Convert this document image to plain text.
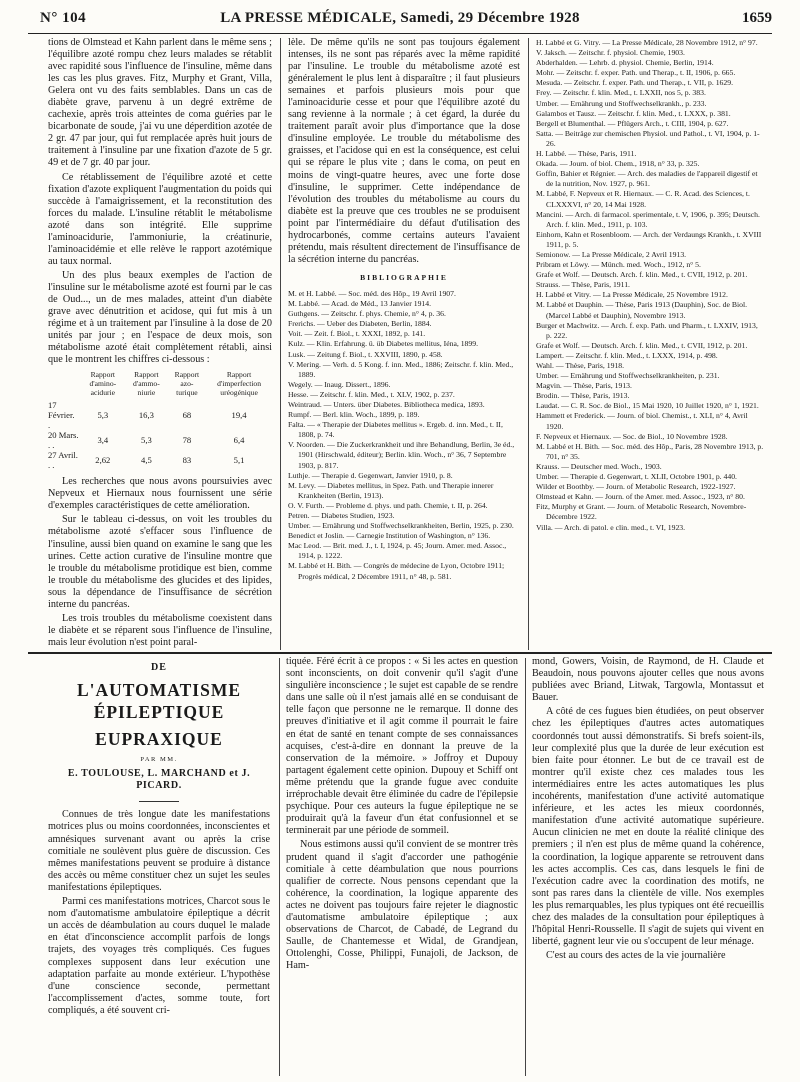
N° 104	LA PRESSE MÉDICALE, Samedi, 29 Décembre 1928	1659

tions de Olmstead et Kahn parlent dans le même sens ; l'équilibre azoté rompu chez leurs malades se rétablit avec rapidité sous l'influence de l'insuline, même dans les cas les plus graves. Fitz, Murphy et Grant, Villa, Gelera ont vu des faits semblables. Dans un cas de diabète grave, parvenu à un degré extrême de cachexie, après trois atteintes de coma guéries par le bicarbonate de soude, j'ai vu une déperdition azotée de 2 gr. 47 par jour, qui fut remplacée après huit jours de traitement à l'insuline par une fixation d'azote de 5 gr. 49 et de 7 gr. 40 par jour.

Ce rétablissement de l'équilibre azoté et cette fixation d'azote expliquent l'augmentation du poids qui succède à l'amaigrissement, et la reconstitution des forces du malade. L'insuline rétablit le métabolisme azoté dans son intégrité. Elle supprime l'aminoacidurie, l'ammoniurie, la créatinurie, l'aminoacidémie et elle relève le rapport azotémique au taux normal.

Un des plus beaux exemples de l'action de l'insuline sur le métabolisme azoté est fourni par le cas de Oud..., un de mes malades, atteint d'un diabète grave avec dénutrition et acidose, qui fut mis à un régime et à un traitement par l'insuline à la dose de 20 unités par jour ; en l'espace de deux mois, son métabolisme azoté était complètement rétabli, ainsi que le montrent les chiffres ci-dessous :

	Rapport d'amino-acidurie	Rapport d'ammo-niurie	Rapport azo-turique	Rapport d'imperfection uréogénique
17 Février. .	5,3	16,3	68	19,4
20 Mars. . .	3,4	5,3	78	6,4
27 Avril. . .	2,62	4,5	83	5,1

Les recherches que nous avons poursuivies avec Nepveux et Hiernaux nous fournissent une série d'exemples caractéristiques de cette amélioration.

Sur le tableau ci-dessus, on voit les troubles du métabolisme azoté s'effacer sous l'influence de l'insuline, aussi bien quand on examine le sang que les urines. Cette action curative de l'insuline montre que le trouble du métabolisme protidique est bien, comme le trouble du métabolisme des glucides et des lipides, sous la dépendance de l'insuffisance de sécrétion interne du pancréas.

Les trois troubles du métabolisme coexistent dans le diabète et se réparent sous l'influence de l'insuline, mais leur évolution n'est point paral-

lèle. De même qu'ils ne sont pas toujours également intenses, ils ne sont pas réparés avec la même rapidité par l'insuline. Le trouble du métabolisme azoté est généralement le plus lent à disparaître ; il faut plusieurs semaines et parfois plusieurs mois pour que l'aminoacidurie cesse et pour que l'équilibre azoté du sang revienne à la normale ; à cet égard, la durée du traitement paraît avoir plus d'importance que la dose d'insuline employée. Le trouble du métabolisme des graisses, et l'acidose qui en est la conséquence, est celui qui se répare le plus vite ; dans le coma, on peut en moins de vingt-quatre heures, avec une forte dose d'insuline, le supprimer. Cette indépendance de l'évolution des troubles du métabolisme au cours du diabète est la preuve que ces troubles ne se produisent point par l'intermédiaire du défaut d'utilisation des hydrocarbonés, comme certains auteurs l'avaient prétendu, mais résultent directement de l'insuffisance de la sécrétion interne du pancréas.

BIBLIOGRAPHIE

M. et H. Labbé. — Soc. méd. des Hôp., 19 Avril 1907.

M. Labbé. — Acad. de Méd., 13 Janvier 1914.

Guthgens. — Zeitschr. f. phys. Chemie, n° 4, p. 36.

Frerichs. — Ueber des Diabeten, Berlin, 1884.

Voit. — Zeit. f. Biol., t. XXXI, 1892, p. 141.

Kulz. — Klin. Erfahrung. ü. üb Diabetes mellitus, Iéna, 1899.

Lusk. — Zeitung f. Biol., t. XXVIII, 1890, p. 458.

V. Mering. — Verh. d. 5 Kong. f. inn. Med., 1886; Zeitschr. f. klin. Med., 1889.

Wegely. — Inaug. Dissert., 1896.

Hesse. — Zeitschr. f. klin. Med., t. XLV, 1902, p. 237.

Weintraud. — Unters. über Diabetes. Bibliotheca medica, 1893.

Rumpf. — Berl. klin. Woch., 1899, p. 189.

Falta. — « Therapie der Diabetes mellitus ». Ergeb. d. inn. Med., t. II, 1808, p. 74.

V. Noorden. — Die Zuckerkrankheit und ihre Behandlung, Berlin, 3e éd., 1901 (Hirschwald, éditeur); Berlin. klin. Woch., n° 36, 7 Septembre 1903, p. 817.

Luthje. — Therapie d. Gegenwart, Janvier 1910, p. 8.

M. Levy. — Diabetes mellitus, in Spez. Path. und Therapie innerer Krankheiten (Berlin, 1913).

O. V. Furth. — Probleme d. phys. und path. Chemie, t. II, p. 264.

Petren. — Diabetes Studien, 1923.

Umber. — Ernährung und Stoffwechselkrankheiten, Berlin, 1925, p. 230.

Benedict et Joslin. — Carnegie Institution of Washington, n° 136.

Mac Leod. — Brit. med. J., t. I, 1924, p. 45; Journ. Amer. med. Assoc., 1914, p. 1222.

M. Labbé et H. Bith. — Congrès de médecine de Lyon, Octobre 1911; Progrès médical, 2 Décembre 1911, n° 48, p. 581.

H. Labbé et G. Vitry. — La Presse Médicale, 28 Novembre 1912, n° 97.

V. Jaksch. — Zeitschr. f. physiol. Chemie, 1903.

Abderhalden. — Lehrb. d. physiol. Chemie, Berlin, 1914.

Mohr. — Zeitschr. f. exper. Path. und Therap., t. II, 1906, p. 665.

Mesuda. — Zeitschr. f. exper. Path. und Therap., t. VII, p. 1629.

Frey. — Zeitschr. f. klin. Med., t. LXXII, nos 5, p. 383.

Umber. — Ernährung und Stoffwechselkrankh., p. 233.

Galambos et Tausz. — Zeitschr. f. klin. Med., t. LXXX, p. 381.

Bergell et Blumenthal. — Pflügers Arch., t. CIII, 1904, p. 627.

Satta. — Beiträge zur chemischen Physiol. und Pathol., t. VI, 1904, p. 1-26.

H. Labbé. — Thèse, Paris, 1911.

Okada. — Journ. of biol. Chem., 1918, n° 33, p. 325.

Goffin, Bahier et Régnier. — Arch. des maladies de l'appareil digestif et de la nutrition, Nov. 1927, p. 961.

M. Labbé, F. Nepveux et R. Hiernaux. — C. R. Acad. des Sciences, t. CLXXXVI, n° 20, 14 Mai 1928.

Mancini. — Arch. di farmacol. sperimentale, t. V, 1906, p. 395; Deutsch. Arch. f. klin. Med., 1911, p. 103.

Einhorn, Kahn et Rosenbloom. — Arch. der Verdaungs Krankh., t. XVIII 1911, p. 5.

Semionow. — La Presse Médicale, 2 Avril 1913.

Pribram et Löwy. — Münch. med. Woch., 1912, n° 5.

Grafe et Wolf. — Deutsch. Arch. f. klin. Med., t. CVII, 1912, p. 201.

Strauss. — Thèse, Paris, 1911.

H. Labbé et Vitry. — La Presse Médicale, 25 Novembre 1912.

M. Labbé et Dauphin. — Thèse, Paris 1913 (Dauphin), Soc. de Biol. (Marcel Labbé et Dauphin), Novembre 1913.

Burger et Machwitz. — Arch. f. exp. Path. und Pharm., t. LXXIV, 1913, p. 222.

Grafe et Wolf. — Deutsch. Arch. f. klin. Med., t. CVII, 1912, p. 201.

Lampert. — Zeitschr. f. klin. Med., t. LXXX, 1914, p. 498.

Wahl. — Thèse, Paris, 1918.

Umber. — Ernährung und Stoffwechselkrankheiten, p. 231.

Magvin. — Thèse, Paris, 1913.

Brodin. — Thèse, Paris, 1913.

Laudat. — C. R. Soc. de Biol., 15 Mai 1920, 10 Juillet 1920, n° 1, 1921.

Hammett et Frederick. — Journ. of biol. Chemist., t. XLI, n° 4, Avril 1920.

F. Nepveux et Hiernaux. — Soc. de Biol., 10 Novembre 1928.

M. Labbé et H. Bith. — Soc. méd. des Hôp., Paris, 28 Novembre 1913, p. 701, n° 35.

Krauss. — Deutscher med. Woch., 1903.

Umber. — Therapie d. Gegenwart, t. XLII, Octobre 1901, p. 440.

Wilder et Boothby. — Journ. of Metabolic Research, 1922-1927.

Olmstead et Kahn. — Journ. of the Amer. med. Assoc., 1923, n° 80.

Fitz, Murphy et Grant. — Journ. of Metabolic Research, Novembre-Décembre 1922.

Villa. — Arch. di patol. e clin. med., t. VI, 1923.

DE
L'AUTOMATISME ÉPILEPTIQUE
EUPRAXIQUE
PAR MM.
E. TOULOUSE, L. MARCHAND et J. PICARD.

Connues de très longue date les manifestations motrices plus ou moins coordonnées, inconscientes et amnésiques survenant avant ou après la crise comitiale ne soulèvent plus guère de discussion. Ces mêmes manifestations peuvent se produire à distance des accès ou même constituer chez un sujet les seules manifestations épileptiques.

Parmi ces manifestations motrices, Charcot sous le nom d'automatisme ambulatoire épileptique a décrit un accès de déambulation au cours duquel le malade en état d'inconscience accomplit parfois de longs trajets, des voyages très compliqués. Ces fugues complexes supposent dans leur exécution une adaptation parfaite au monde extérieur. L'hypothèse d'une conscience seconde, permettant l'accomplissement d'actes, somme toute, fort compliqués, a été souvent cri-

tiquée. Féré écrit à ce propos : « Si les actes en question sont inconscients, on doit convenir qu'il s'agit d'une singulière inconscience ; le sujet est capable de se rendre dans une salle où il n'est jamais allé en se conduisant de telle façon que personne ne le remarque. Il donne des preuves d'initiative et il agit comme il pourrait le faire en état de santé en tenant compte de ses connaissances acquises, c'est-à-dire en donnant la preuve de la conservation de la mémoire. » Joffroy et Dupouy partagent également cette opinion. Dupouy et Schiff ont même prétendu que la grande fugue avec conduite irréprochable devait être éliminée du cadre de l'épilepsie psychique. Pour ces auteurs la fugue épileptique ne se produirait qu'à la faveur d'un état confusionnel et se terminerait par une période de sommeil.

Nous estimons aussi qu'il convient de se montrer très prudent quand il s'agit d'accorder une pathogénie comitiale à cette déambulation que nous pourrions qualifier de correcte. Nous pensons cependant que la cohérence, la coordination, la logique apparente des actes ne doivent pas toujours faire rejeter le diagnostic d'automatisme ambulatoire épileptique ; aux observations de Charcot, de Cabadé, de Legrand du Saulle, de Chantemesse et Widal, de Grandjean, Ottolenghi, Cosse, Philippi, Funajoli, de Jackson, de Ham-

mond, Gowers, Voisin, de Raymond, de H. Claude et Beaudoin, nous pouvons ajouter celles que nous avons publiées avec Briand, Litwak, Targowla, Montassut et Bauer.

A côté de ces fugues bien étudiées, on peut observer chez les épileptiques d'autres actes automatiques coordonnés tout aussi démonstratifs. Si brefs soient-ils, leur complexité plus que la durée de leur exécution est bien faite pour étonner. Le but de ce travail est de montrer qu'il existe chez ces malades tous les intermédiaires entre les actes automatiques les plus incohérents, manifestation d'une activité automatique inférieure, et les actes les mieux coordonnés, manifestation d'une activité automatique supérieure. Aucun clinicien ne met en doute la réalité clinique des premiers ; il n'en est plus de même quand la cohérence, la coordination, la logique apparente se retrouvent dans les actes accomplis. Ces cas, dans lesquels le fini de l'exécution cadre avec la coordination des motifs, ne sont pas rares dans la clientèle de ville. Nos exemples les plus remarquables, les plus typiques ont été recueillis chez des malades de la consultation pour épileptiques à l'hôpital Henri-Rousselle. Il s'agit de sujets qui vivent en liberté, gagnent leur vie ou s'occupent de leur ménage.

C'est au cours des actes de la vie journalière
